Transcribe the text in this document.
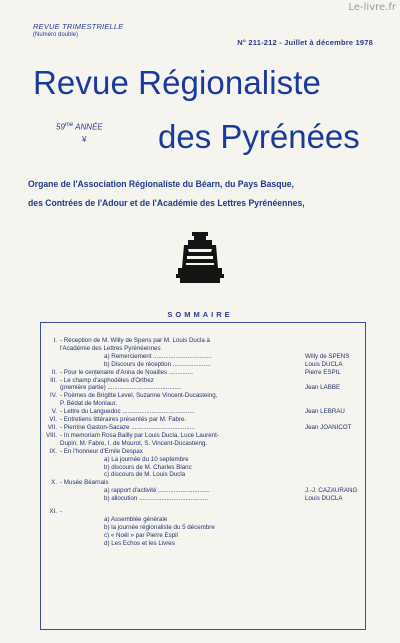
Le-livre.fr
REVUE TRIMESTRIELLE
(Numéro double)
N° 211-212 - Juillet à décembre 1978
Revue Régionaliste
$59^{me}$ ANNÉE
¥ des Pyrénées
Organe de l'Association Régionaliste du Béarn, du Pays Basque,
des Contrées de l'Adour et de l'Académie des Lettres Pyrénéennes,
SOMMAIRE
I. - Réception de M. Willy de Spens par M. Louis Ducla à
l'Académie des Lettres Pyrénéennes
a) Remerciement ..................................	Willy de SPENS
b) Discours de réception ......................	Louis DUCLA
II. - Pour le centenaire d'Anna de Noailles ..............	Pierre ESPIL
III. - Le champ d'asphodèles d'Orthez
(première partie) ...........................................	Jean LABBE
IV. - Poèmes de Brigitte Level, Suzanne Vincent-Ducasteing,
P. Bédat de Monlaur.
V. - Lettre du Languedoc ..........................................	Jean LEBRAU
VI. - Entretiens littéraires présentés par M. Fabre.
VII. - Pierrine Gaston-Sacaze .....................................	Jean JOANICOT
VIII. - In memoriam Rosa Bailly par Louis Ducla, Luce Laurent-
Dupin, M. Fabre, I. de Mourot, S. Vincent-Ducasteing.
IX. - En l'honneur d'Emile Despax
a) La journée du 10 septembre
b) discours de M. Charles Blanc
c) discours de M. Louis Ducla
X. - Musée Béarnais
a) rapport d'activité ..............................	J.-J. CAZAURANG
b) allocution ........................................	Louis DUCLA
XI. -
a) Assemblée générale
b) la journée régionaliste du 5 décembre
c) « Noël » par Pierre Espil
d) Les Échos et les Livres
